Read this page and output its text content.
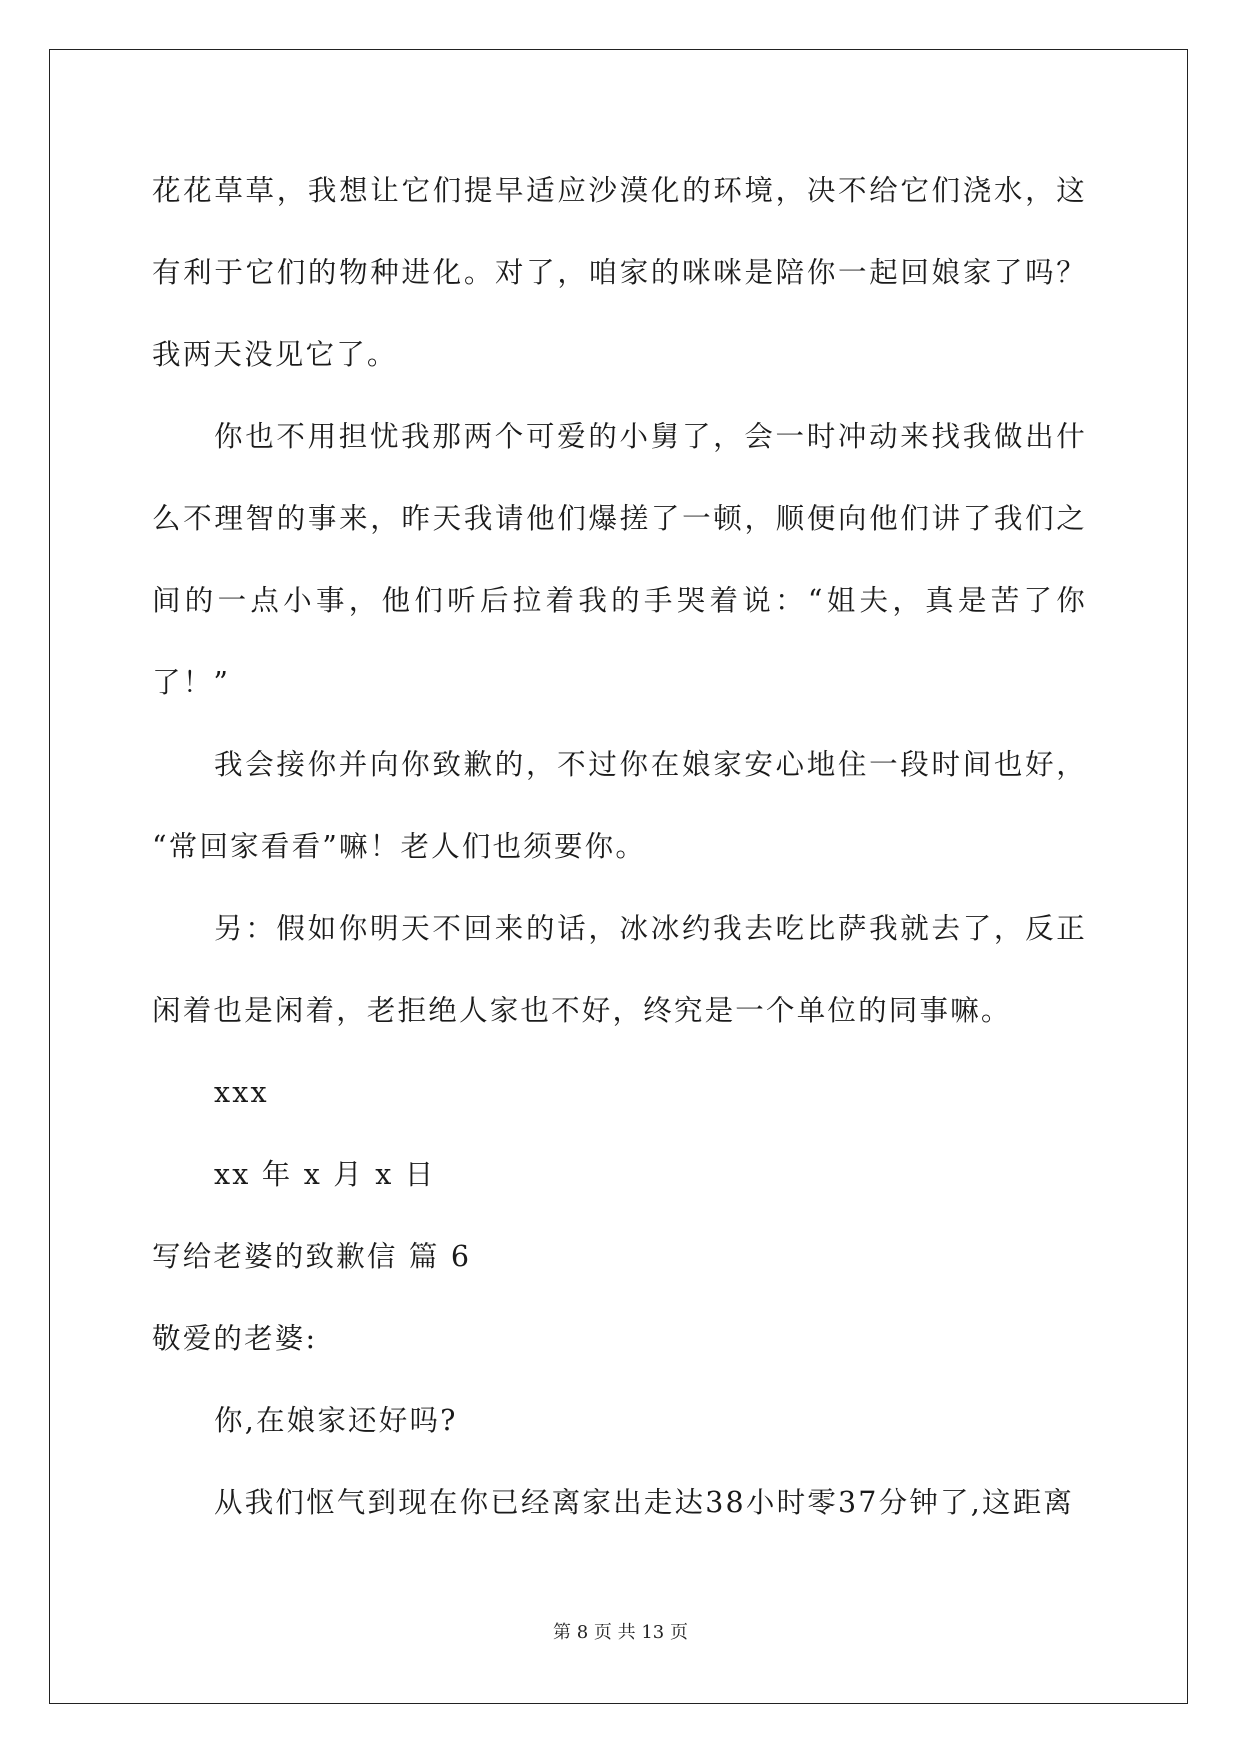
花花草草，我想让它们提早适应沙漠化的环境，决不给它们浇水，这
有利于它们的物种进化。对了，咱家的咪咪是陪你一起回娘家了吗？
我两天没见它了。
你也不用担忧我那两个可爱的小舅了，会一时冲动来找我做出什
么不理智的事来，昨天我请他们爆搓了一顿，顺便向他们讲了我们之
间的一点小事，他们听后拉着我的手哭着说：“姐夫，真是苦了你
了！”
我会接你并向你致歉的，不过你在娘家安心地住一段时间也好，
“常回家看看”嘛！老人们也须要你。
另：假如你明天不回来的话，冰冰约我去吃比萨我就去了，反正
闲着也是闲着，老拒绝人家也不好，终究是一个单位的同事嘛。
xxx
xx 年 x 月 x 日
写给老婆的致歉信 篇 6
敬爱的老婆:
你,在娘家还好吗?
从我们怄气到现在你已经离家出走达38小时零37分钟了,这距离
第 8 页 共 13 页
